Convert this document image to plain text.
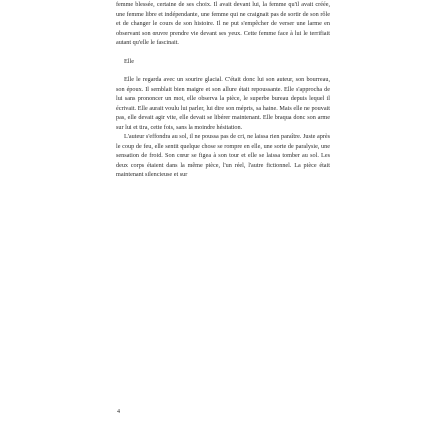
femme blessée, certaine de ses choix. Il avait devant lui, la femme qu'il avait créée, une femme libre et indépendante, une femme qui ne craignait pas de sortir de son rôle et de changer le cours de son histoire. Il ne put s'empêcher de verser une larme en observant son œuvre prendre vie devant ses yeux. Cette femme face à lui le terrifiait autant qu'elle le fascinait.

Elle

Elle le regarda avec un sourire glacial. C'était donc lui son auteur, son bourreau, son époux. Il semblait bien maigre et son allure était repoussante. Elle s'approcha de lui sans prononcer un mot, elle observa la pièce, le superbe bureau depuis lequel il écrivait. Elle aurait voulu lui parler, lui dire son mépris, sa haine. Mais elle ne pouvait pas, elle devait agir vite, elle devait se libérer maintenant. Elle braqua donc son arme sur lui et tira, cette fois, sans la moindre hésitation.

L'auteur s'effondra au sol, il ne poussa pas de cri, ne laissa rien paraître. Juste après le coup de feu, elle sentit quelque chose se rompre en elle, une sorte de paralysie, une sensation de froid. Son cœur se figea à son tour et elle se laissa tomber au sol. Les deux corps étaient dans la même pièce, l'un réel, l'autre fictionnel. La pièce était maintenant silencieuse et sur

4
